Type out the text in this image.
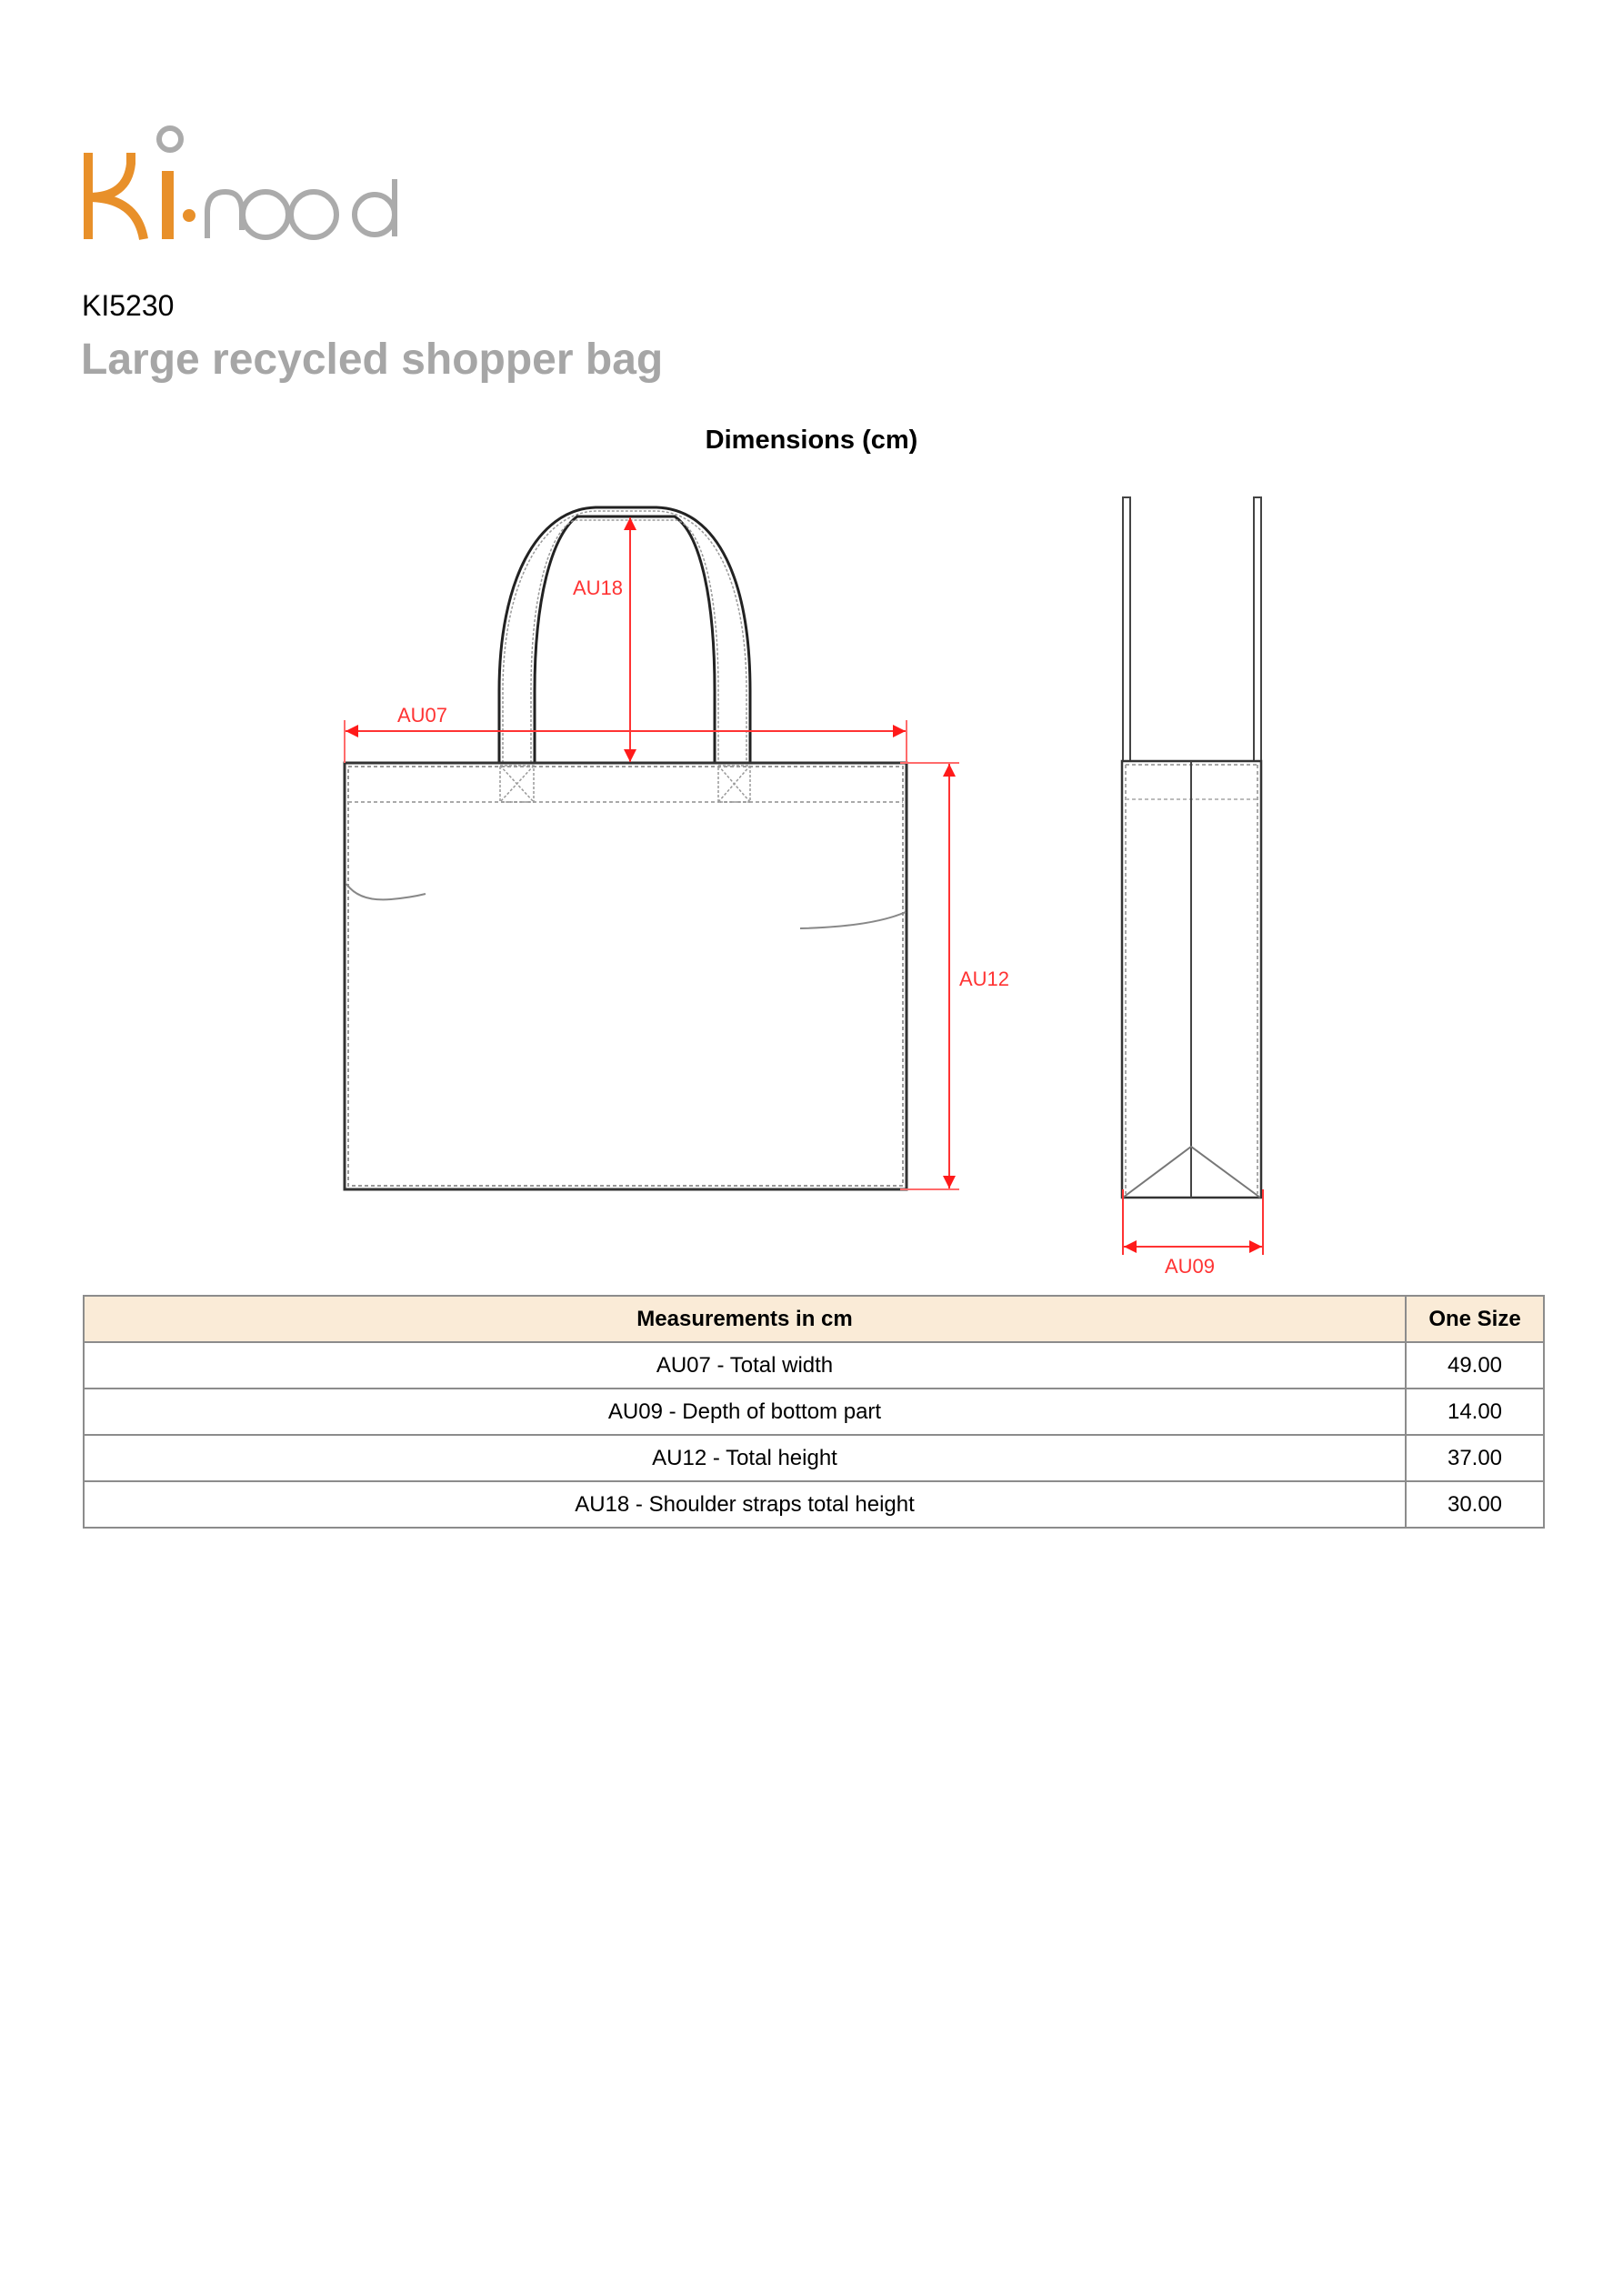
KI5230
Large recycled shopper bag
Dimensions (cm)
AU07
AU18
AU12
AU09
Measurements in cm	One Size
AU07 - Total width	49.00
AU09 - Depth of bottom part	14.00
AU12 - Total height	37.00
AU18 - Shoulder straps total height	30.00
